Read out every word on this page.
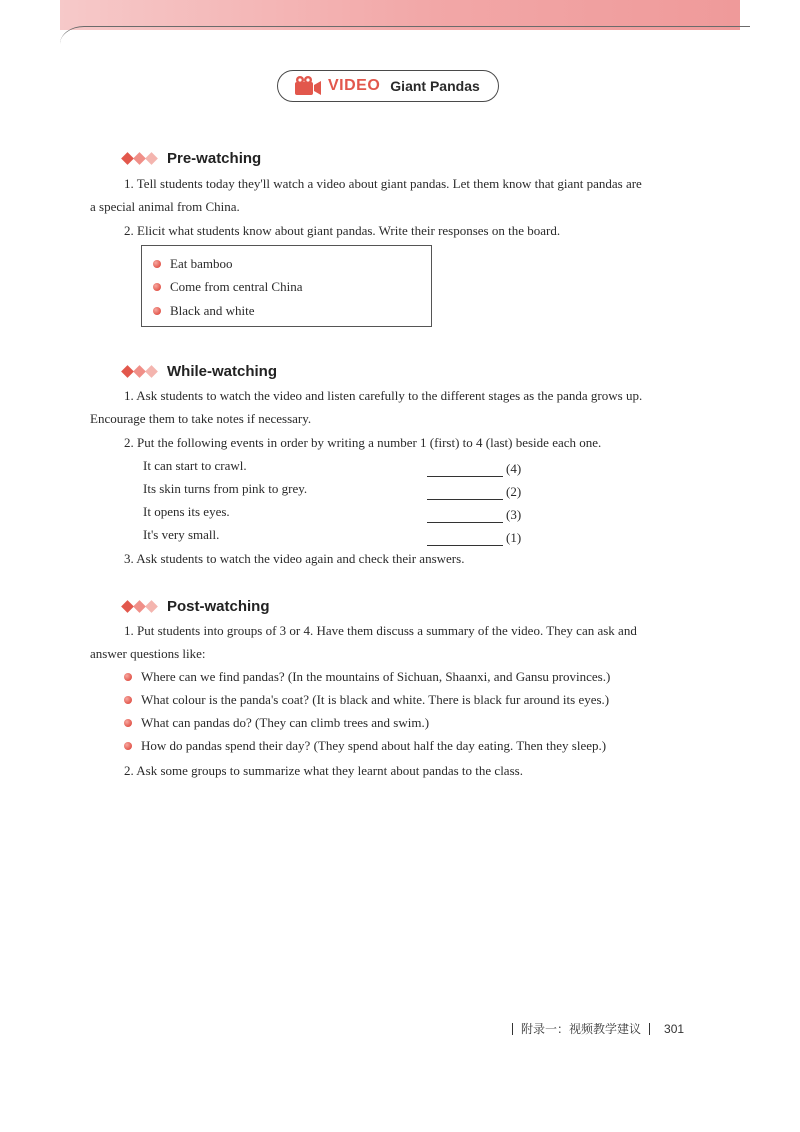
VIDEO Giant Pandas
Pre-watching
1. Tell students today they'll watch a video about giant pandas. Let them know that giant pandas are
a special animal from China.
2. Elicit what students know about giant pandas. Write their responses on the board.
Eat bamboo
Come from central China
Black and white
While-watching
1. Ask students to watch the video and listen carefully to the different stages as the panda grows up.
Encourage them to take notes if necessary.
2. Put the following events in order by writing a number 1 (first) to 4 (last) beside each one.
It can start to crawl.	(4)
Its skin turns from pink to grey.	(2)
It opens its eyes.	(3)
It's very small.	(1)
3. Ask students to watch the video again and check their answers.
Post-watching
1. Put students into groups of 3 or 4. Have them discuss a summary of the video. They can ask and
answer questions like:
Where can we find pandas? (In the mountains of Sichuan, Shaanxi, and Gansu provinces.)
What colour is the panda's coat? (It is black and white. There is black fur around its eyes.)
What can pandas do? (They can climb trees and swim.)
How do pandas spend their day? (They spend about half the day eating. Then they sleep.)
2. Ask some groups to summarize what they learnt about pandas to the class.
附录一：视频教学建议 301
